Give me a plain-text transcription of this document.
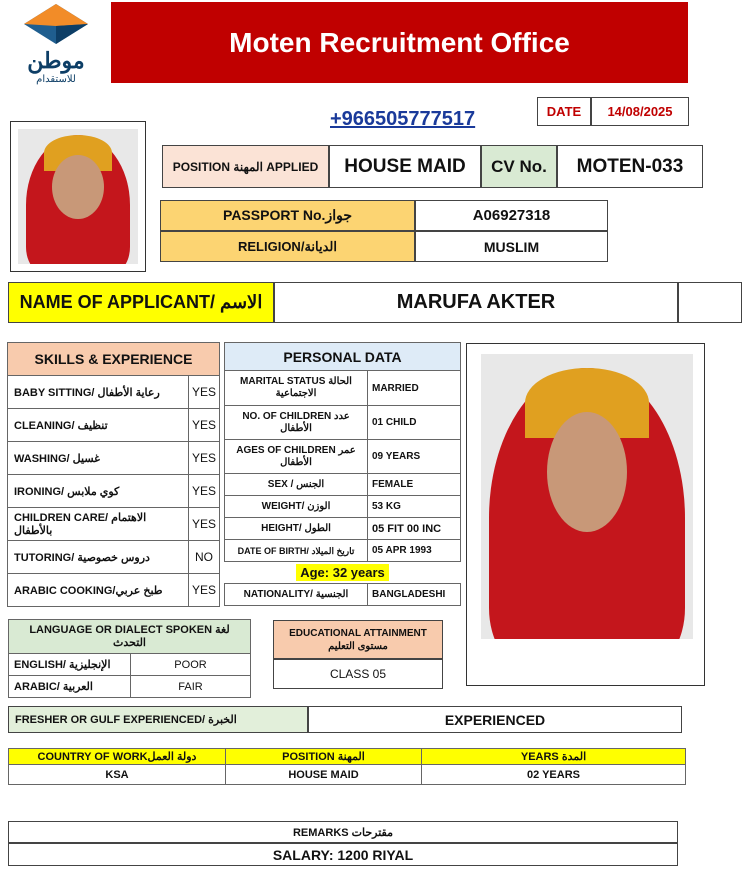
موطن
للاستقدام
Moten Recruitment Office
+966505777517	DATE	14/08/2025
POSITION المهنة APPLIED	HOUSE MAID	CV No.	MOTEN-033
PASSPORT No.جواز	A06927318
RELIGION/الديانة	MUSLIM
NAME OF APPLICANT/ الاسم	MARUFA AKTER
SKILLS & EXPERIENCE	
BABY SITTING/ رعاية الأطفال	YES
CLEANING/ تنظيف	YES
WASHING/ غسيل	YES
IRONING/ كوي ملابس	YES
CHILDREN CARE/ الاهتمام بالأطفال	YES
TUTORING/ دروس خصوصية	NO
ARABIC COOKING/طبخ عربي	YES
PERSONAL DATA	
MARITAL STATUS الحالة الاجتماعية	MARRIED
NO. OF CHILDREN عدد الأطفال	01 CHILD
AGES OF CHILDREN عمر الأطفال	09 YEARS
SEX / الجنس	FEMALE
WEIGHT/ الوزن	53 KG
HEIGHT/ الطول	05 FIT 00 INC
DATE OF BIRTH/ تاريخ الميلاد	05 APR 1993
Age: 32 years	
NATIONALITY/ الجنسية	BANGLADESHI
LANGUAGE OR DIALECT SPOKEN لغة التحدث	
ENGLISH/ الإنجليزية	POOR
ARABIC/ العربية	FAIR
EDUCATIONAL ATTAINMENT مستوى التعليم
CLASS 05
FRESHER OR GULF EXPERIENCED/ الخبرة	EXPERIENCED
COUNTRY OF WORKدولة العمل	POSITION المهنة	YEARS المدة
KSA	HOUSE MAID	02 YEARS
REMARKS مقترحات
SALARY: 1200 RIYAL
